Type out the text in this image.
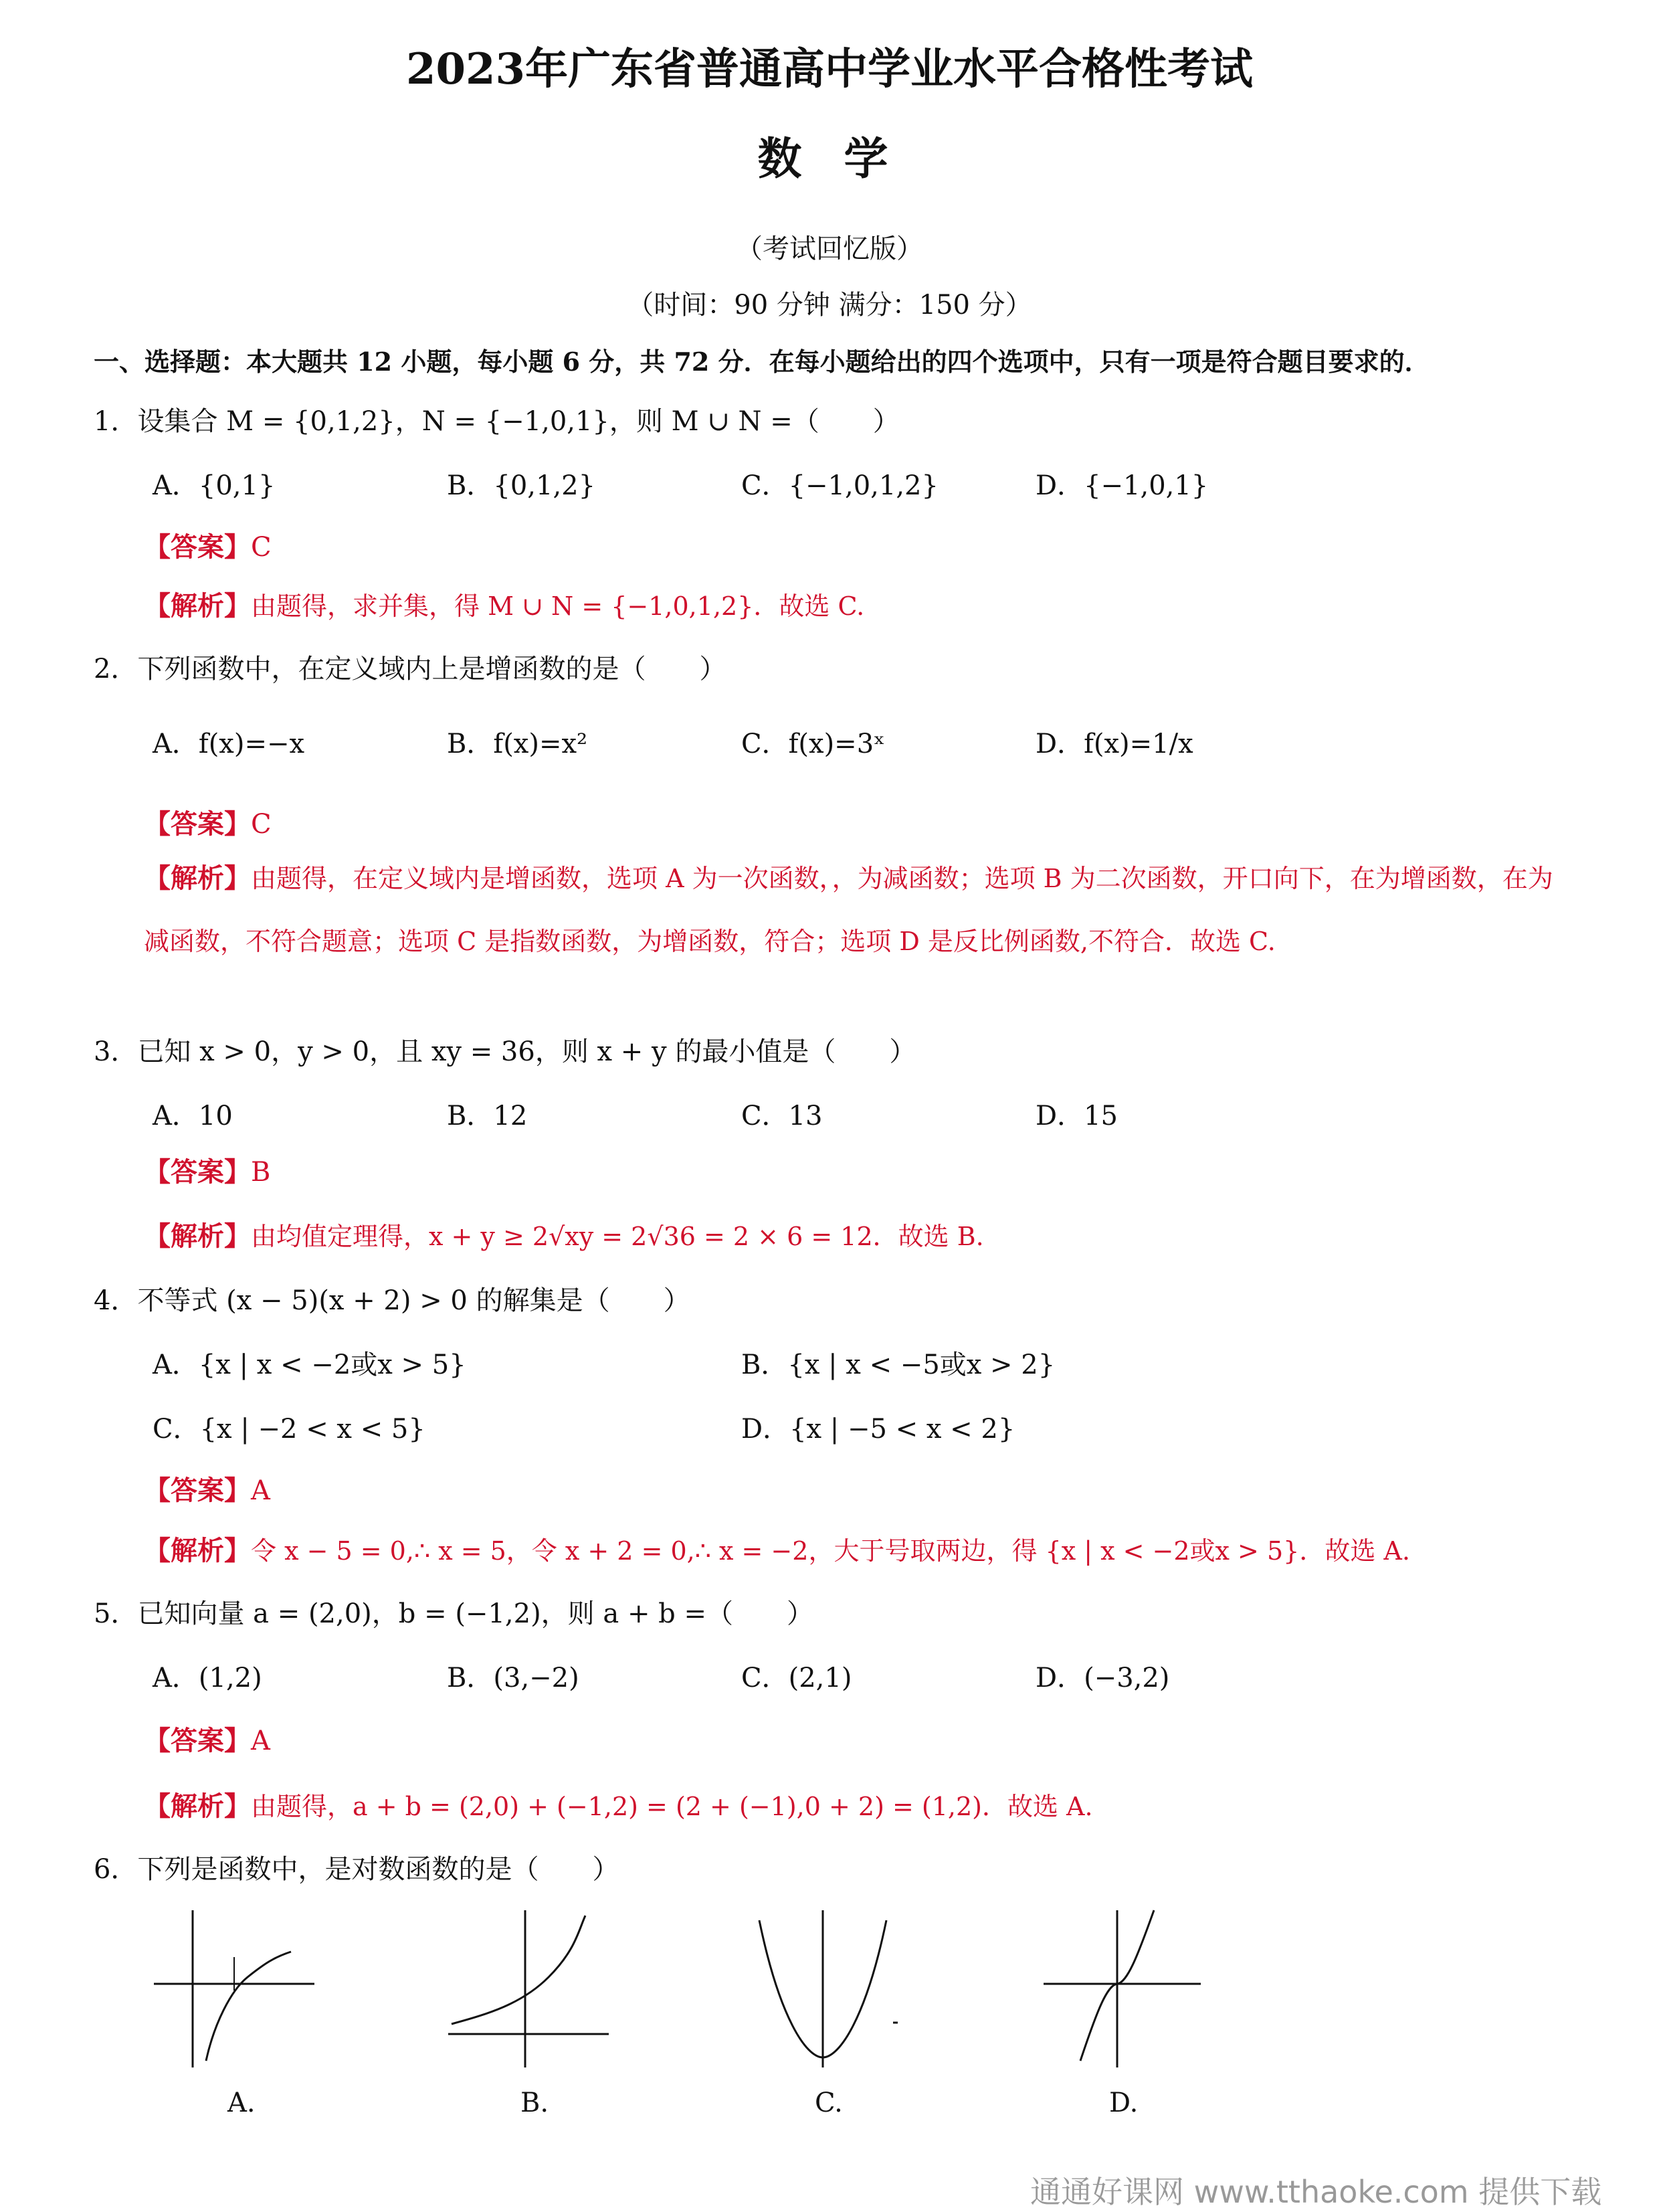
2023年广东省普通高中学业水平合格性考试
数 学
（考试回忆版）
（时间：90 分钟 满分：150 分）
一、选择题：本大题共 12 小题，每小题 6 分，共 72 分．在每小题给出的四个选项中，只有一项是符合题目要求的．
1．设集合 M = {0,1,2}，N = {−1,0,1}，则 M ∪ N =（　　）
A．{0,1}	B．{0,1,2}	C．{−1,0,1,2}	D．{−1,0,1}
【答案】C
【解析】由题得，求并集，得 M ∪ N = {−1,0,1,2}．故选 C.
2．下列函数中，在定义域内上是增函数的是（　　）
A．f(x)=−x	B．f(x)=x²	C．f(x)=3ˣ	D．f(x)=1/x
【答案】C
【解析】由题得，在定义域内是增函数，选项 A 为一次函数，，为减函数；选项 B 为二次函数，开口向下，在为增函数，在为减函数，不符合题意；选项 C 是指数函数，为增函数，符合；选项 D 是反比例函数,不符合．故选 C.
3．已知 x > 0，y > 0，且 xy = 36，则 x + y 的最小值是（　　）
A．10	B．12	C．13	D．15
【答案】B
【解析】由均值定理得，x + y ≥ 2√xy = 2√36 = 2 × 6 = 12．故选 B.
4．不等式 (x − 5)(x + 2) > 0 的解集是（　　）
A．{x | x < −2或x > 5}	B．{x | x < −5或x > 2}
C．{x | −2 < x < 5}	D．{x | −5 < x < 2}
【答案】A
【解析】令 x − 5 = 0,∴ x = 5，令 x + 2 = 0,∴ x = −2，大于号取两边，得 {x | x < −2或x > 5}．故选 A.
5．已知向量 a = (2,0)，b = (−1,2)，则 a + b =（　　）
A．(1,2)	B．(3,−2)	C．(2,1)	D．(−3,2)
【答案】A
【解析】由题得，a + b = (2,0) + (−1,2) = (2 + (−1),0 + 2) = (1,2)．故选 A.
6．下列是函数中，是对数函数的是（　　）
A.	B.	C.	D.
通通好课网 www.tthaoke.com 提供下载
